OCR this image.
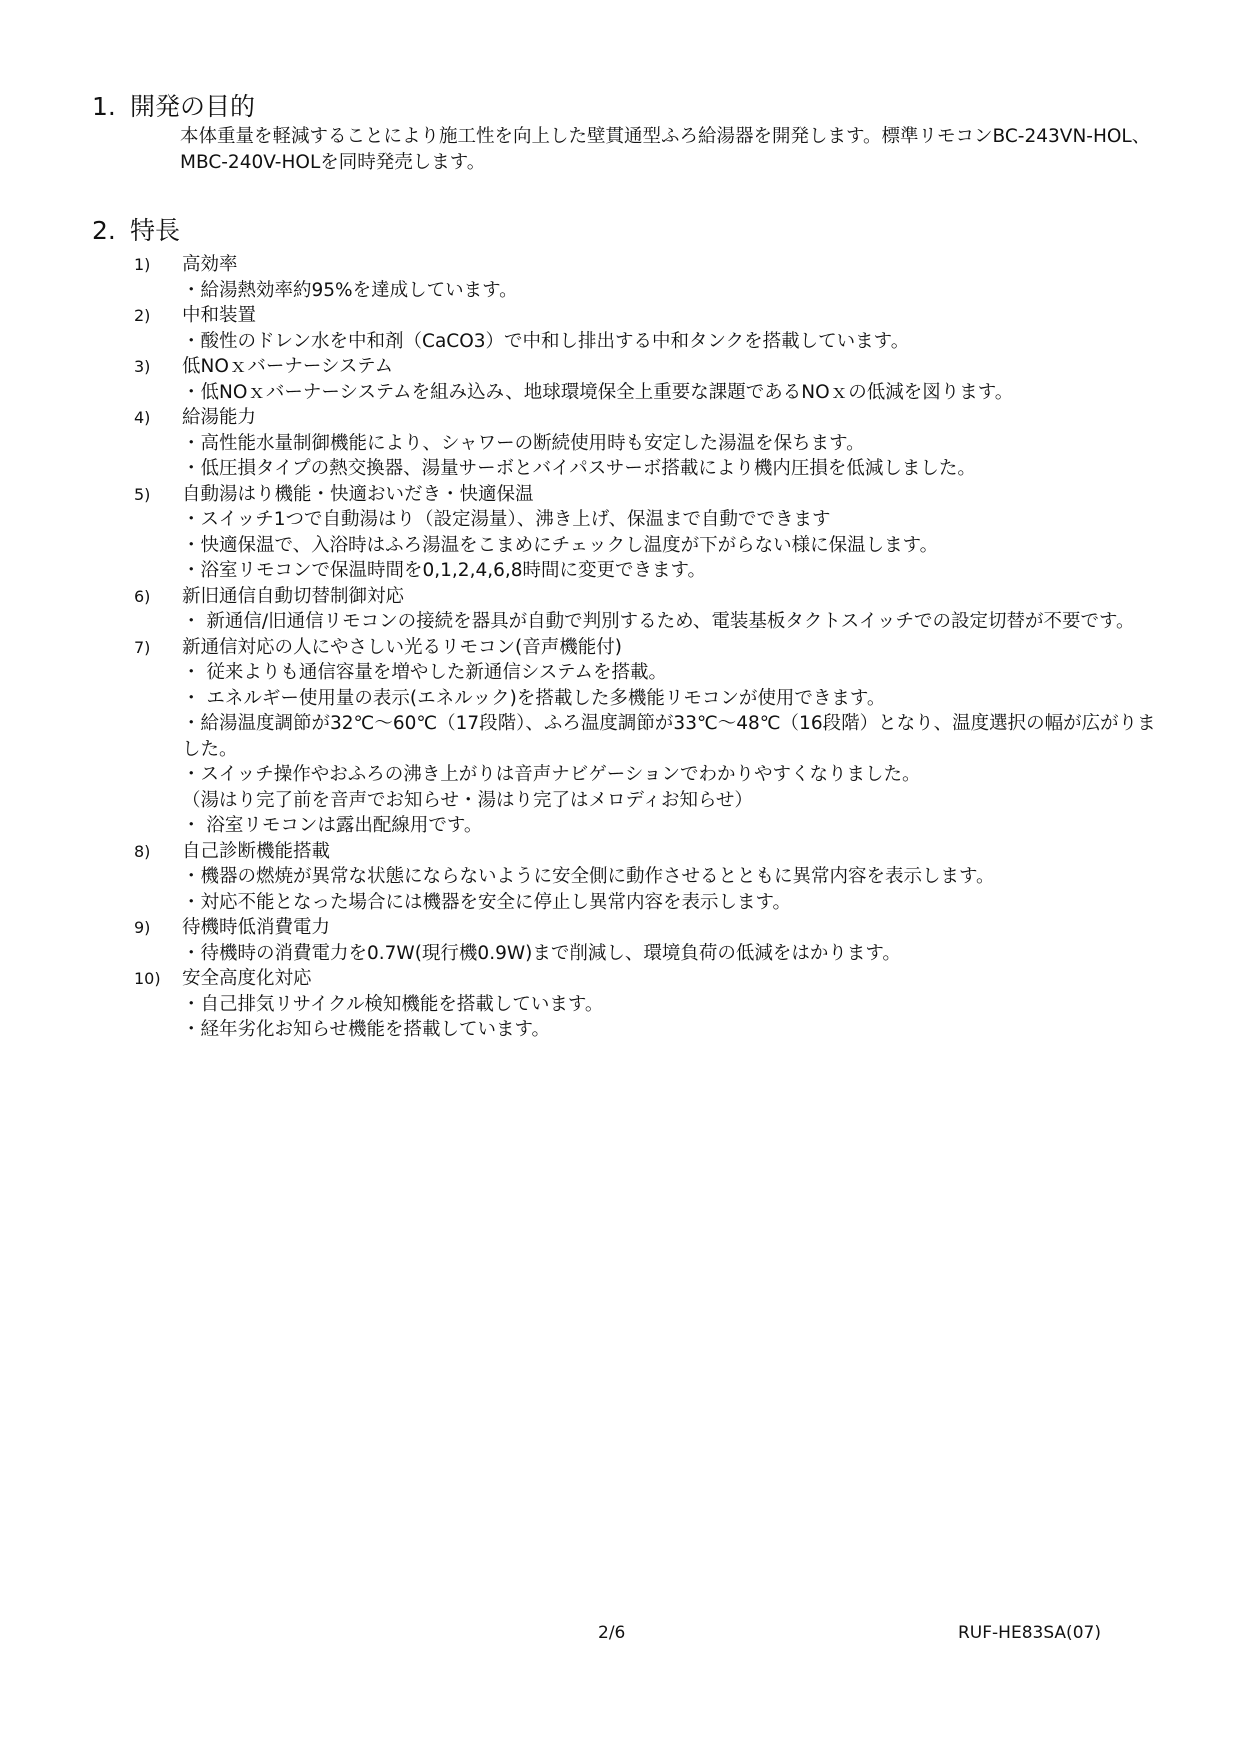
1. 開発の目的
本体重量を軽減することにより施工性を向上した壁貫通型ふろ給湯器を開発します。標準リモコンBC-243VN-HOL、MBC-240V-HOLを同時発売します。
2. 特長
1) 高効率
・給湯熱効率約95%を達成しています。
2) 中和装置
・酸性のドレン水を中和剤（CaCO3）で中和し排出する中和タンクを搭載しています。
3) 低NOｘバーナーシステム
・低NOｘバーナーシステムを組み込み、地球環境保全上重要な課題であるNOｘの低減を図ります。
4) 給湯能力
・高性能水量制御機能により、シャワーの断続使用時も安定した湯温を保ちます。
・低圧損タイプの熱交換器、湯量サーボとバイパスサーボ搭載により機内圧損を低減しました。
5) 自動湯はり機能・快適おいだき・快適保温
・スイッチ1つで自動湯はり（設定湯量）、沸き上げ、保温まで自動でできます
・快適保温で、入浴時はふろ湯温をこまめにチェックし温度が下がらない様に保温します。
・浴室リモコンで保温時間を0,1,2,4,6,8時間に変更できます。
6) 新旧通信自動切替制御対応
・ 新通信/旧通信リモコンの接続を器具が自動で判別するため、電装基板タクトスイッチでの設定切替が不要です。
7) 新通信対応の人にやさしい光るリモコン(音声機能付)
・ 従来よりも通信容量を増やした新通信システムを搭載。
・ エネルギー使用量の表示(エネルック)を搭載した多機能リモコンが使用できます。
・給湯温度調節が32℃～60℃（17段階）、ふろ温度調節が33℃～48℃（16段階）となり、温度選択の幅が広がりました。
・スイッチ操作やおふろの沸き上がりは音声ナビゲーションでわかりやすくなりました。
（湯はり完了前を音声でお知らせ・湯はり完了はメロディお知らせ）
・ 浴室リモコンは露出配線用です。
8) 自己診断機能搭載
・機器の燃焼が異常な状態にならないように安全側に動作させるとともに異常内容を表示します。
・対応不能となった場合には機器を安全に停止し異常内容を表示します。
9) 待機時低消費電力
・待機時の消費電力を0.7W(現行機0.9W)まで削減し、環境負荷の低減をはかります。
10) 安全高度化対応
・自己排気リサイクル検知機能を搭載しています。
・経年劣化お知らせ機能を搭載しています。
2/6	RUF-HE83SA(07)
